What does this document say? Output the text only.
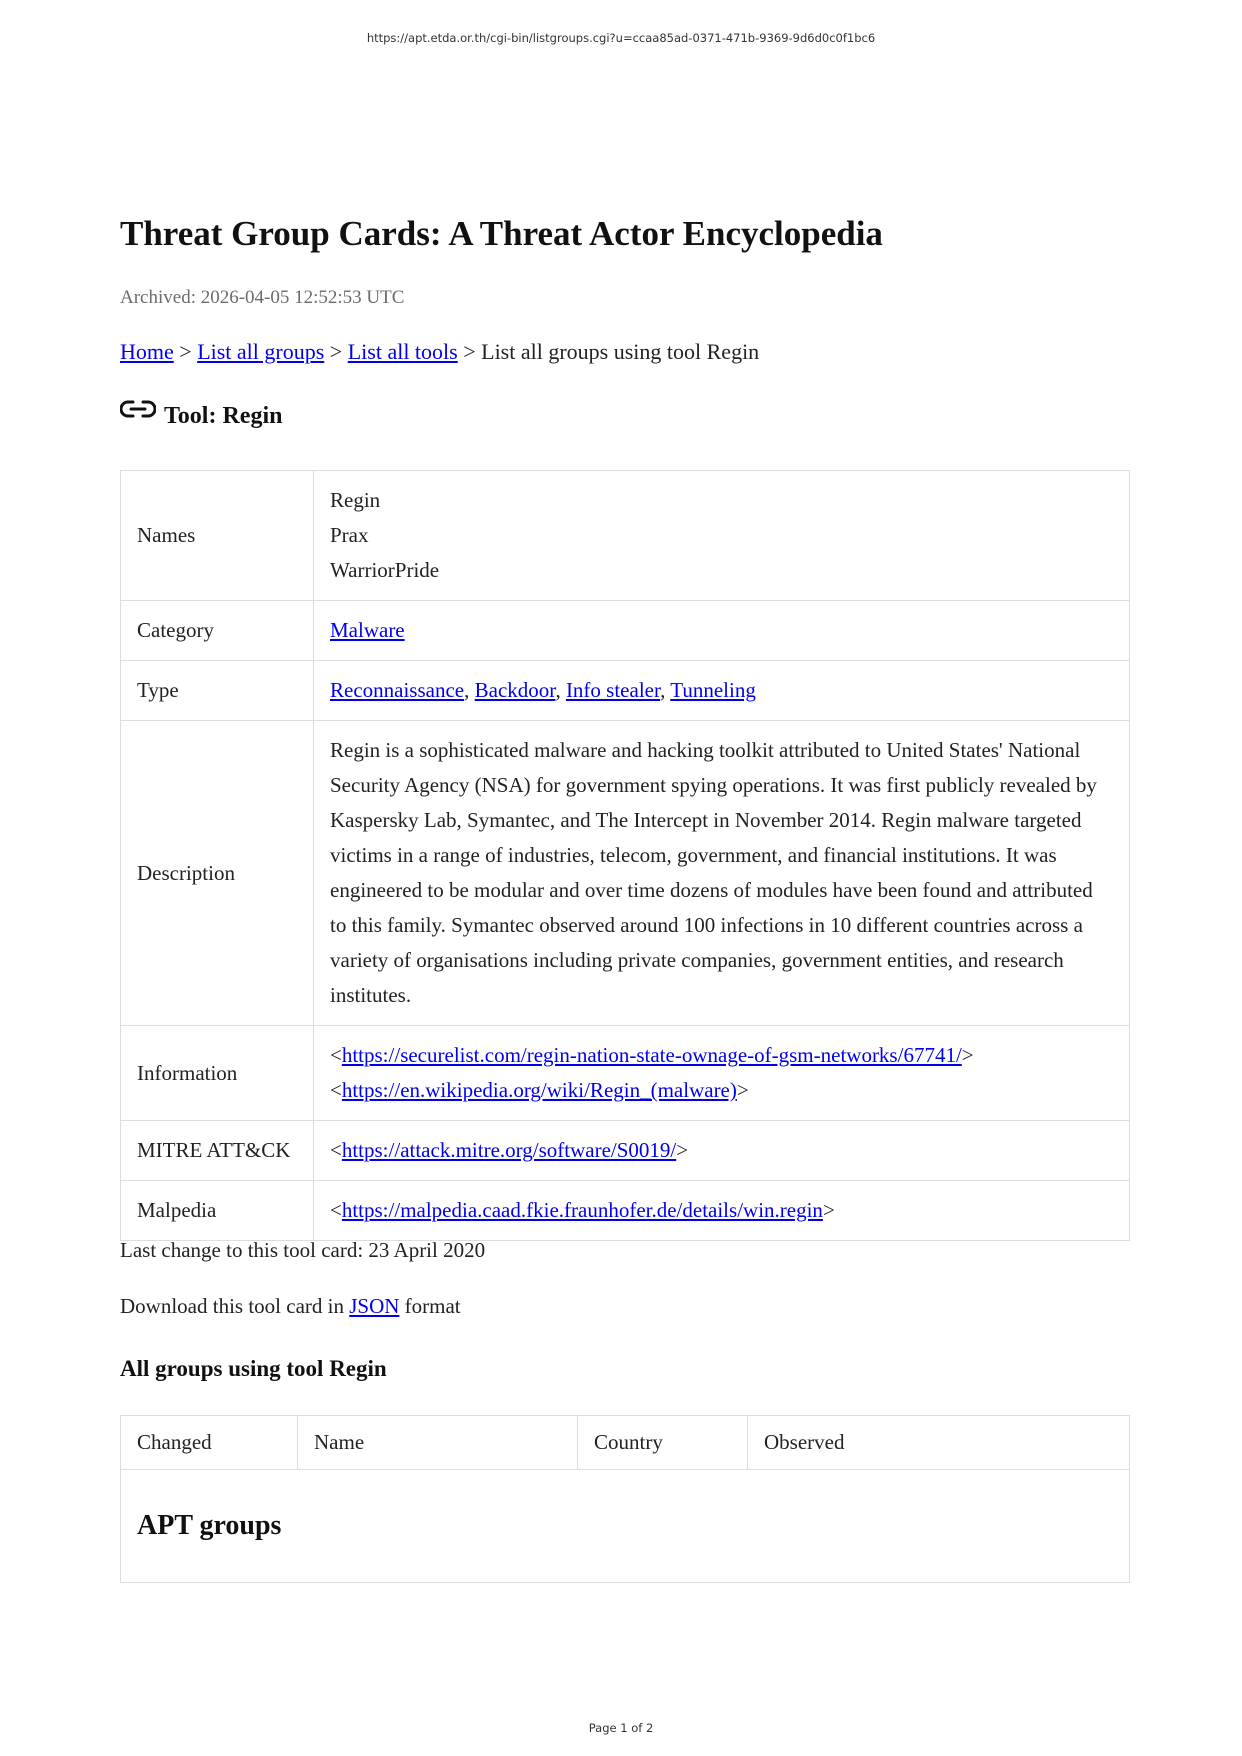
https://apt.etda.or.th/cgi-bin/listgroups.cgi?u=ccaa85ad-0371-471b-9369-9d6d0c0f1bc6
Threat Group Cards: A Threat Actor Encyclopedia
Archived: 2026-04-05 12:52:53 UTC
Home > List all groups > List all tools > List all groups using tool Regin
Tool: Regin
Names	Regin
Prax
WarriorPride

Category	Malware
Type	Reconnaissance, Backdoor, Info stealer, Tunneling
Description	Regin is a sophisticated malware and hacking toolkit attributed to United States' National Security Agency (NSA) for government spying operations. It was first publicly revealed by Kaspersky Lab, Symantec, and The Intercept in November 2014. Regin malware targeted victims in a range of industries, telecom, government, and financial institutions. It was engineered to be modular and over time dozens of modules have been found and attributed to this family. Symantec observed around 100 infections in 10 different countries across a variety of organisations including private companies, government entities, and research institutes.
Information	<https://securelist.com/regin-nation-state-ownage-of-gsm-networks/67741/>
<https://en.wikipedia.org/wiki/Regin_(malware)>

MITRE ATT&CK	<https://attack.mitre.org/software/S0019/>
Malpedia	<https://malpedia.caad.fkie.fraunhofer.de/details/win.regin>
Last change to this tool card: 23 April 2020
Download this tool card in JSON format
All groups using tool Regin
Changed	Name	Country	Observed
APT groups
Page 1 of 2
